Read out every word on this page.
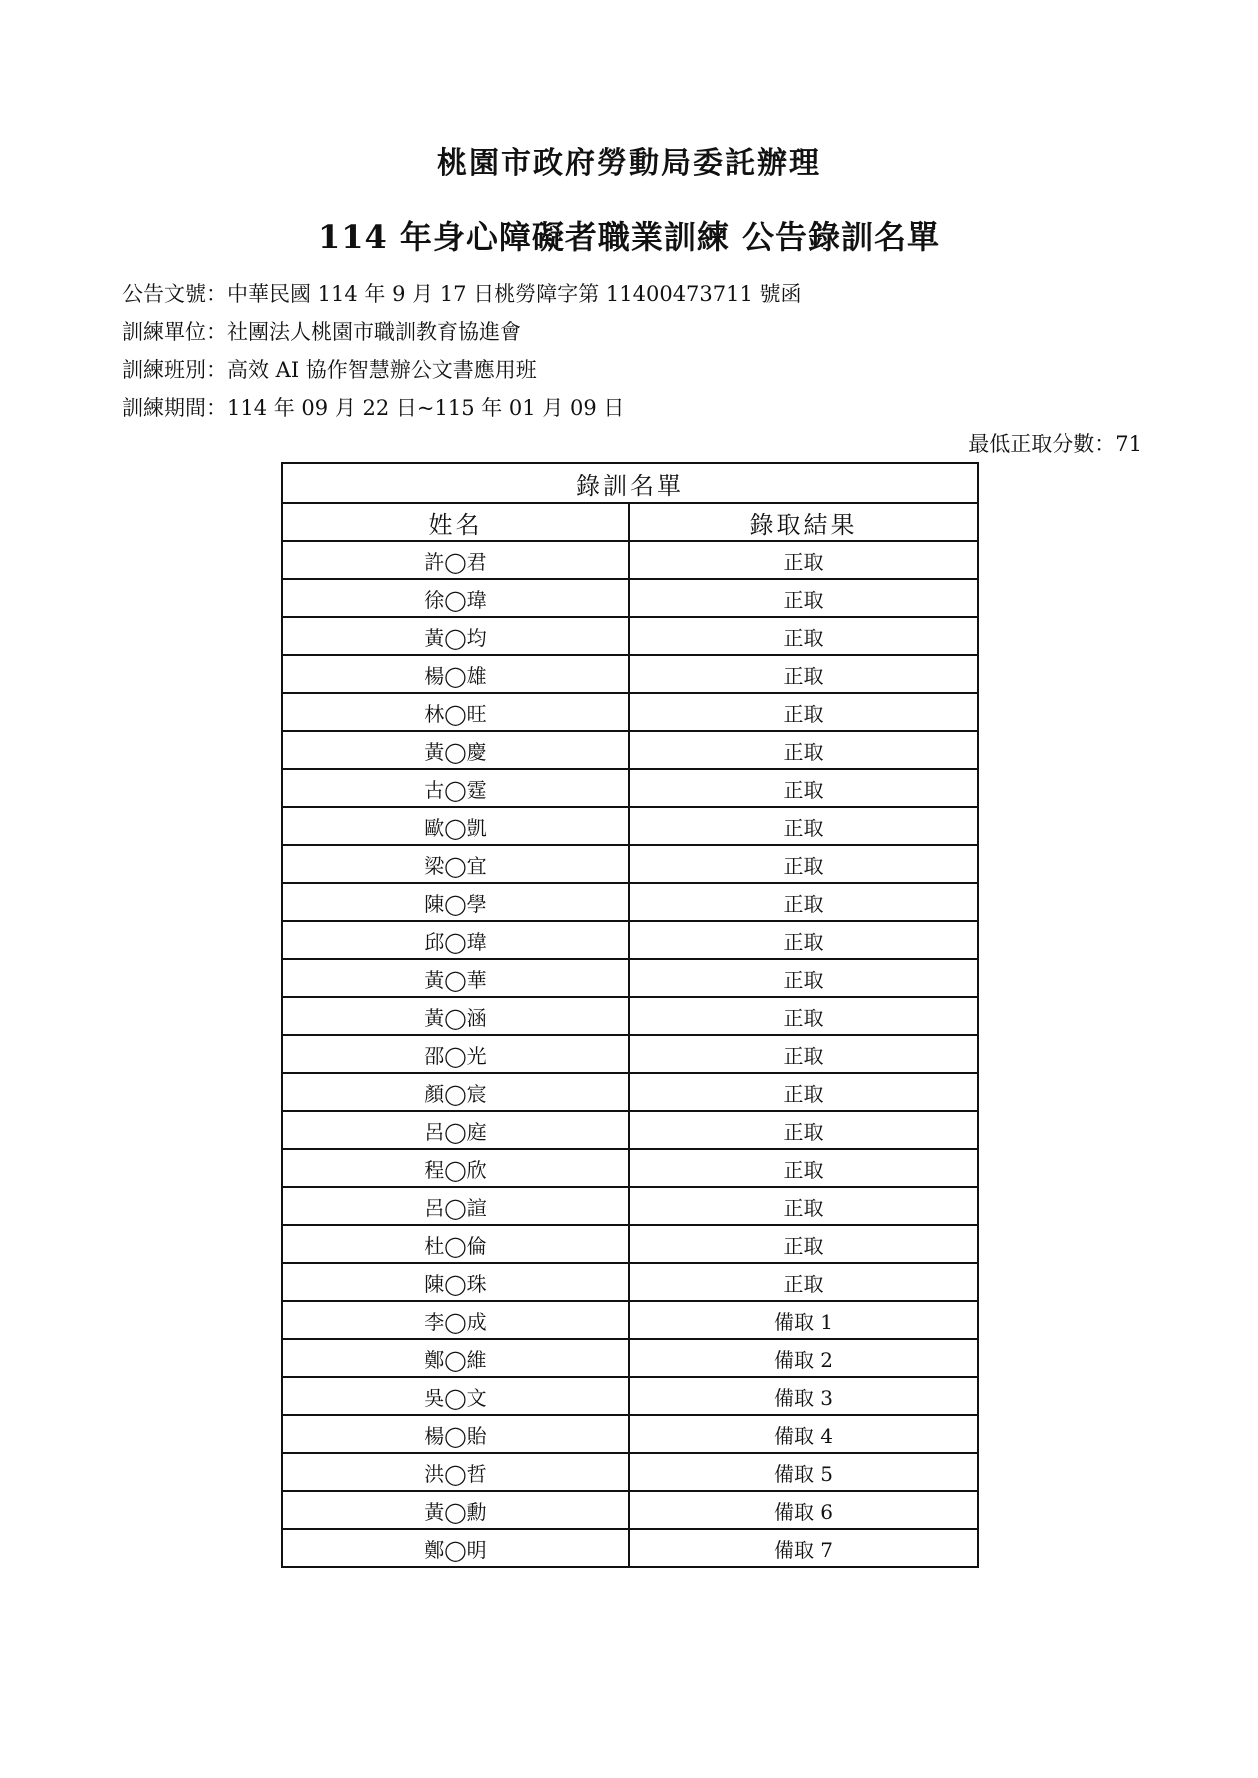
桃園市政府勞動局委託辦理
114 年身心障礙者職業訓練 公告錄訓名單
公告文號：中華民國 114 年 9 月 17 日桃勞障字第 11400473711 號函
訓練單位：社團法人桃園市職訓教育協進會
訓練班別：高效 AI 協作智慧辦公文書應用班
訓練期間：114 年 09 月 22 日~115 年 01 月 09 日
最低正取分數：71
錄訓名單	
姓名	錄取結果
許◯君	正取
徐◯瑋	正取
黃◯均	正取
楊◯雄	正取
林◯旺	正取
黃◯慶	正取
古◯霆	正取
歐◯凱	正取
梁◯宜	正取
陳◯學	正取
邱◯瑋	正取
黃◯華	正取
黃◯涵	正取
邵◯光	正取
顏◯宸	正取
呂◯庭	正取
程◯欣	正取
呂◯諠	正取
杜◯倫	正取
陳◯珠	正取
李◯成	備取 1
鄭◯維	備取 2
吳◯文	備取 3
楊◯貽	備取 4
洪◯哲	備取 5
黃◯勳	備取 6
鄭◯明	備取 7
